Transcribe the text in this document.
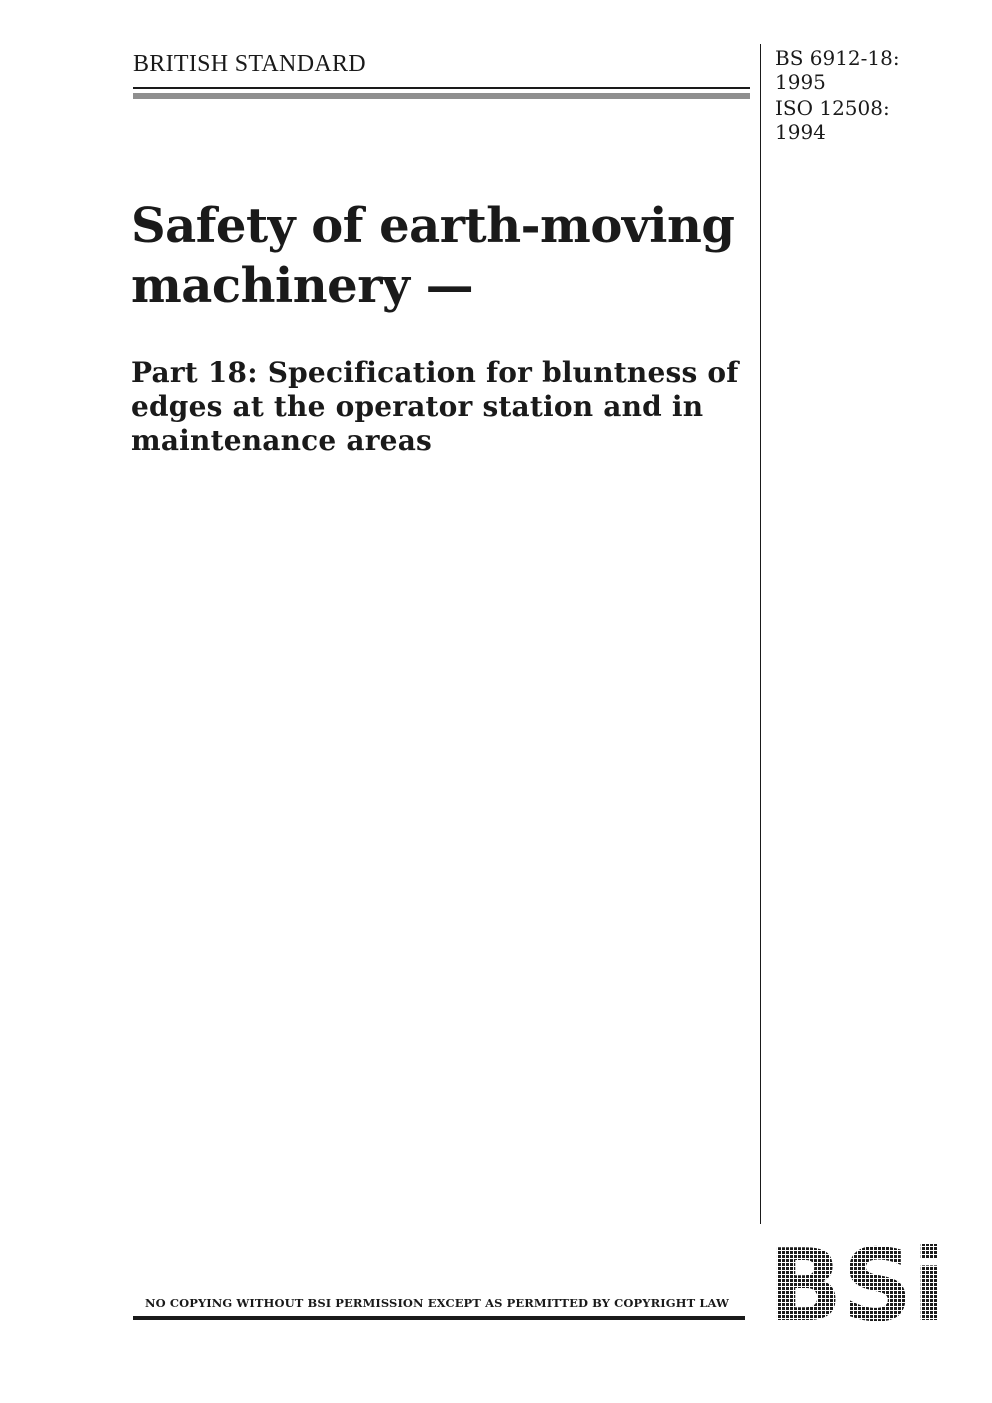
BRITISH STANDARD	BS 6912-18:
1995
ISO 12508:
1994
Safety of earth-moving
machinery —
Part 18: Specification for bluntness of
edges at the operator station and in
maintenance areas
NO COPYING WITHOUT BSI PERMISSION EXCEPT AS PERMITTED BY COPYRIGHT LAW
